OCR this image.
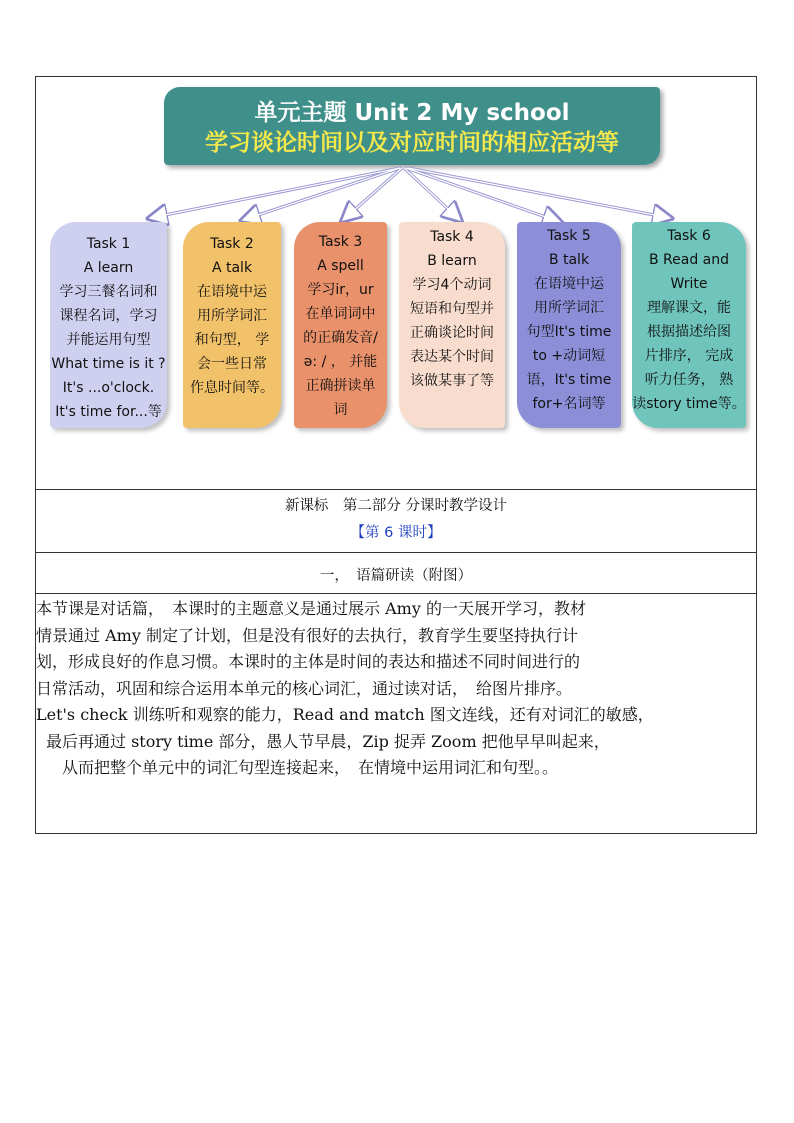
单元主题 Unit 2 My school
学习谈论时间以及对应时间的相应活动等
Task 1
A learn
学习三餐名词和
课程名词，学习
并能运用句型
What time is it ?
It's ...o'clock.
It's time for...等
Task 2
A talk
在语境中运
用所学词汇
和句型， 学
会一些日常
作息时间等。
Task 3
A spell
学习ir，ur
在单词词中
的正确发音/
ə: / ， 并能
正确拼读单
词
Task 4
B learn
学习4个动词
短语和句型并
正确谈论时间
表达某个时间
该做某事了等
Task 5
B talk
在语境中运
用所学词汇
句型It's time
to +动词短
语，It's time
for+名词等
Task 6
B Read and
Write
理解课文，能
根据描述给图
片排序， 完成
听力任务， 熟
读story time等。
新课标　第二部分 分课时教学设计
【第 6 课时】
一，　语篇研读（附图）
本节课是对话篇，　本课时的主题意义是通过展示 Amy 的一天展开学习，教材
情景通过 Amy 制定了计划，但是没有很好的去执行，教育学生要坚持执行计
划，形成良好的作息习惯。本课时的主体是时间的表达和描述不同时间进行的
日常活动，巩固和综合运用本单元的核心词汇，通过读对话，　给图片排序。
Let's check 训练听和观察的能力，Read and match 图文连线，还有对词汇的敏感，
最后再通过 story time 部分，愚人节早晨，Zip 捉弄 Zoom 把他早早叫起来，
从而把整个单元中的词汇句型连接起来，　在情境中运用词汇和句型。。
